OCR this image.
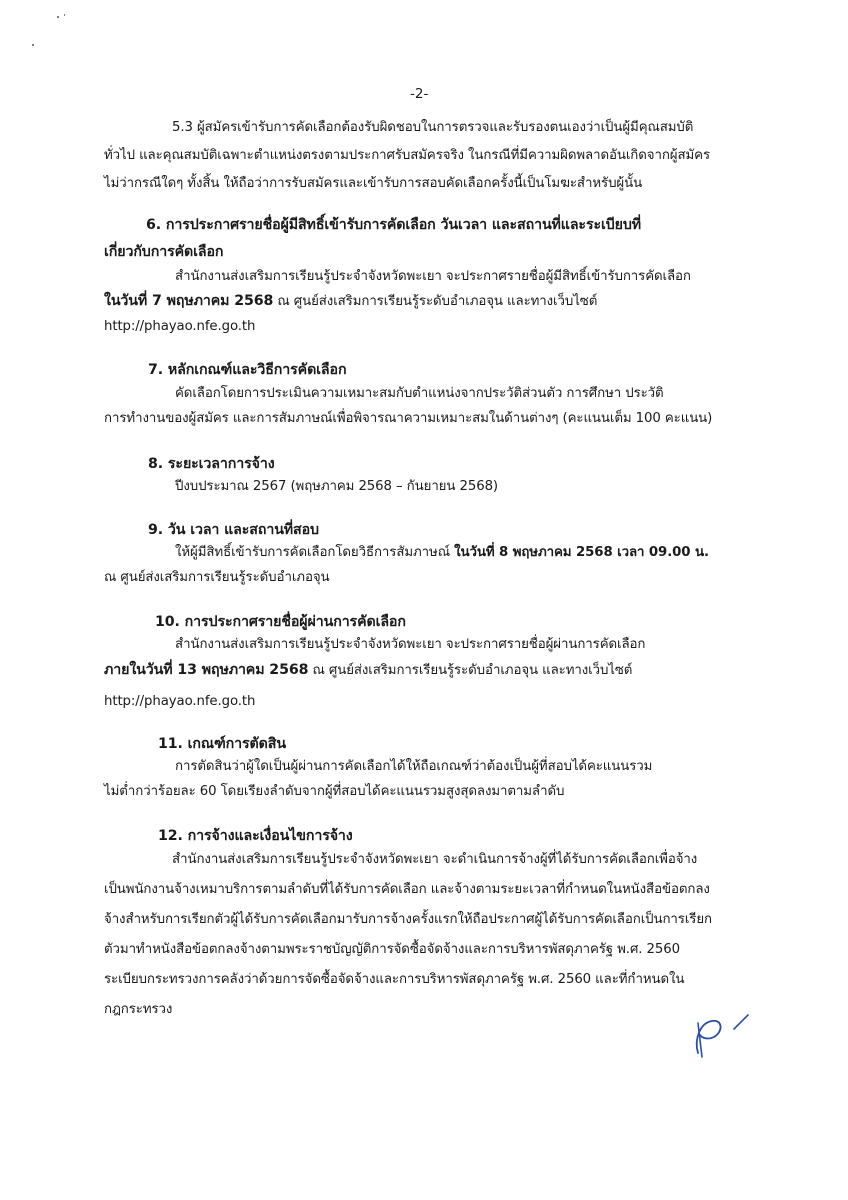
-2-
5.3 ผู้สมัครเข้ารับการคัดเลือกต้องรับผิดชอบในการตรวจและรับรองตนเองว่าเป็นผู้มีคุณสมบัติ
ทั่วไป และคุณสมบัติเฉพาะตำแหน่งตรงตามประกาศรับสมัครจริง ในกรณีที่มีความผิดพลาดอันเกิดจากผู้สมัคร
ไม่ว่ากรณีใดๆ ทั้งสิ้น ให้ถือว่าการรับสมัครและเข้ารับการสอบคัดเลือกครั้งนี้เป็นโมฆะสำหรับผู้นั้น
6. การประกาศรายชื่อผู้มีสิทธิ์เข้ารับการคัดเลือก วันเวลา และสถานที่และระเบียบที่
เกี่ยวกับการคัดเลือก
สำนักงานส่งเสริมการเรียนรู้ประจำจังหวัดพะเยา จะประกาศรายชื่อผู้มีสิทธิ์เข้ารับการคัดเลือก
ในวันที่ 7 พฤษภาคม 2568 ณ ศูนย์ส่งเสริมการเรียนรู้ระดับอำเภอจุน และทางเว็บไซต์
http://phayao.nfe.go.th
7. หลักเกณฑ์และวิธีการคัดเลือก
คัดเลือกโดยการประเมินความเหมาะสมกับตำแหน่งจากประวัติส่วนตัว การศึกษา ประวัติ
การทำงานของผู้สมัคร และการสัมภาษณ์เพื่อพิจารณาความเหมาะสมในด้านต่างๆ (คะแนนเต็ม 100 คะแนน)
8. ระยะเวลาการจ้าง
ปีงบประมาณ 2567 (พฤษภาคม 2568 – กันยายน 2568)
9. วัน เวลา และสถานที่สอบ
ให้ผู้มีสิทธิ์เข้ารับการคัดเลือกโดยวิธีการสัมภาษณ์ ในวันที่ 8 พฤษภาคม 2568 เวลา 09.00 น.
ณ ศูนย์ส่งเสริมการเรียนรู้ระดับอำเภอจุน
10. การประกาศรายชื่อผู้ผ่านการคัดเลือก
สำนักงานส่งเสริมการเรียนรู้ประจำจังหวัดพะเยา จะประกาศรายชื่อผู้ผ่านการคัดเลือก
ภายในวันที่ 13 พฤษภาคม 2568 ณ ศูนย์ส่งเสริมการเรียนรู้ระดับอำเภอจุน และทางเว็บไซต์
http://phayao.nfe.go.th
11. เกณฑ์การตัดสิน
การตัดสินว่าผู้ใดเป็นผู้ผ่านการคัดเลือกได้ให้ถือเกณฑ์ว่าต้องเป็นผู้ที่สอบได้คะแนนรวม
ไม่ต่ำกว่าร้อยละ 60 โดยเรียงลำดับจากผู้ที่สอบได้คะแนนรวมสูงสุดลงมาตามลำดับ
12. การจ้างและเงื่อนไขการจ้าง
สำนักงานส่งเสริมการเรียนรู้ประจำจังหวัดพะเยา จะดำเนินการจ้างผู้ที่ได้รับการคัดเลือกเพื่อจ้าง
เป็นพนักงานจ้างเหมาบริการตามลำดับที่ได้รับการคัดเลือก และจ้างตามระยะเวลาที่กำหนดในหนังสือข้อตกลง
จ้างสำหรับการเรียกตัวผู้ได้รับการคัดเลือกมารับการจ้างครั้งแรกให้ถือประกาศผู้ได้รับการคัดเลือกเป็นการเรียก
ตัวมาทำหนังสือข้อตกลงจ้างตามพระราชบัญญัติการจัดซื้อจัดจ้างและการบริหารพัสดุภาครัฐ พ.ศ. 2560
ระเบียบกระทรวงการคลังว่าด้วยการจัดซื้อจัดจ้างและการบริหารพัสดุภาครัฐ พ.ศ. 2560 และที่กำหนดใน
กฎกระทรวง
